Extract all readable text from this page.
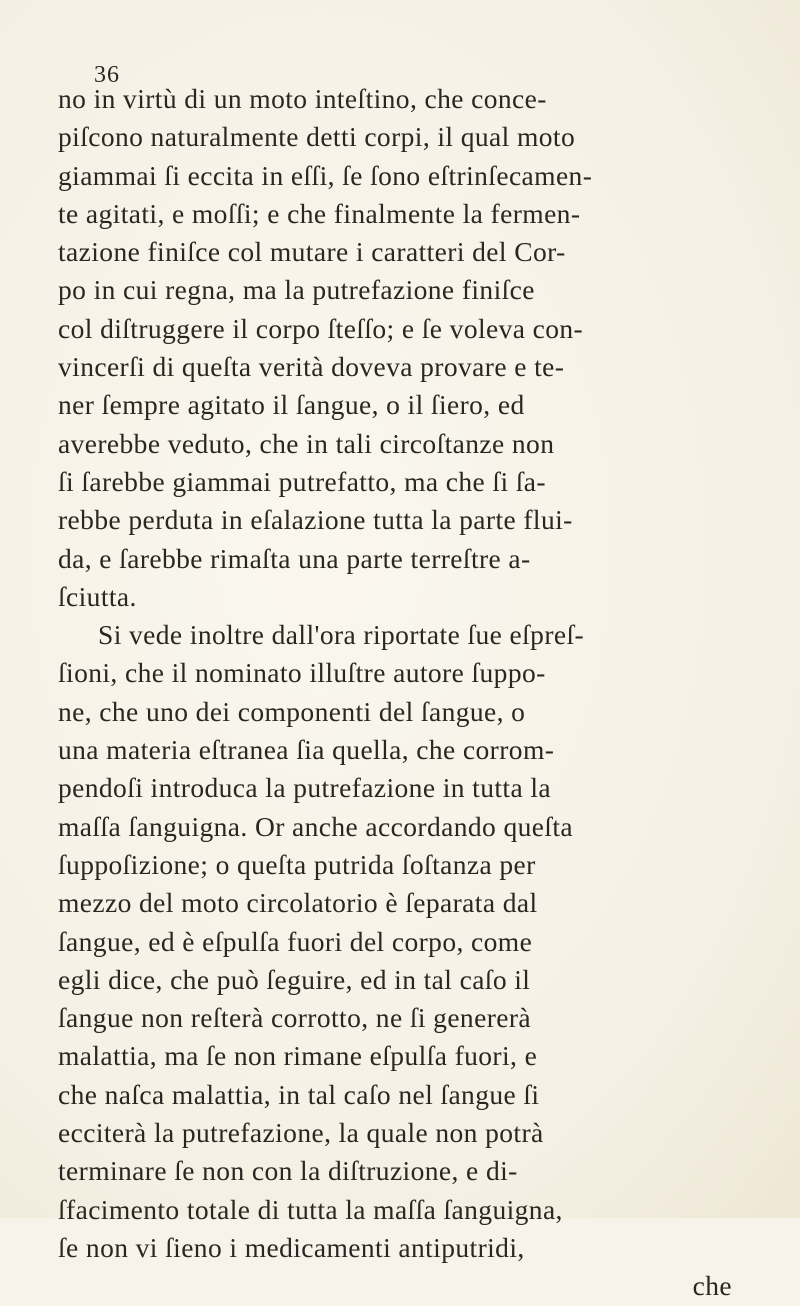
36
no in virtù di un moto inteſtino, che conce-
piſcono naturalmente detti corpi, il qual moto
giammai ſi eccita in eſſi, ſe ſono eſtrinſecamen-
te agitati, e moſſi; e che finalmente la fermen-
tazione finiſce col mutare i caratteri del Cor-
po in cui regna, ma la putrefazione finiſce
col diſtruggere il corpo ſteſſo; e ſe voleva con-
vincerſi di queſta verità doveva provare e te-
ner ſempre agitato il ſangue, o il ſiero, ed
averebbe veduto, che in tali circoſtanze non
ſi ſarebbe giammai putrefatto, ma che ſi ſa-
rebbe perduta in eſalazione tutta la parte flui-
da, e ſarebbe rimaſta una parte terreſtre a-
ſciutta.
Si vede inoltre dall'ora riportate ſue eſpreſ-
ſioni, che il nominato illuſtre autore ſuppo-
ne, che uno dei componenti del ſangue, o
una materia eſtranea ſia quella, che corrom-
pendoſi introduca la putrefazione in tutta la
maſſa ſanguigna. Or anche accordando queſta
ſuppoſizione; o queſta putrida ſoſtanza per
mezzo del moto circolatorio è ſeparata dal
ſangue, ed è eſpulſa fuori del corpo, come
egli dice, che può ſeguire, ed in tal caſo il
ſangue non reſterà corrotto, ne ſi genererà
malattia, ma ſe non rimane eſpulſa fuori, e
che naſca malattia, in tal caſo nel ſangue ſi
ecciterà la putrefazione, la quale non potrà
terminare ſe non con la diſtruzione, e di-
ſfacimento totale di tutta la maſſa ſanguigna,
ſe non vi ſieno i medicamenti antiputridi,
che
